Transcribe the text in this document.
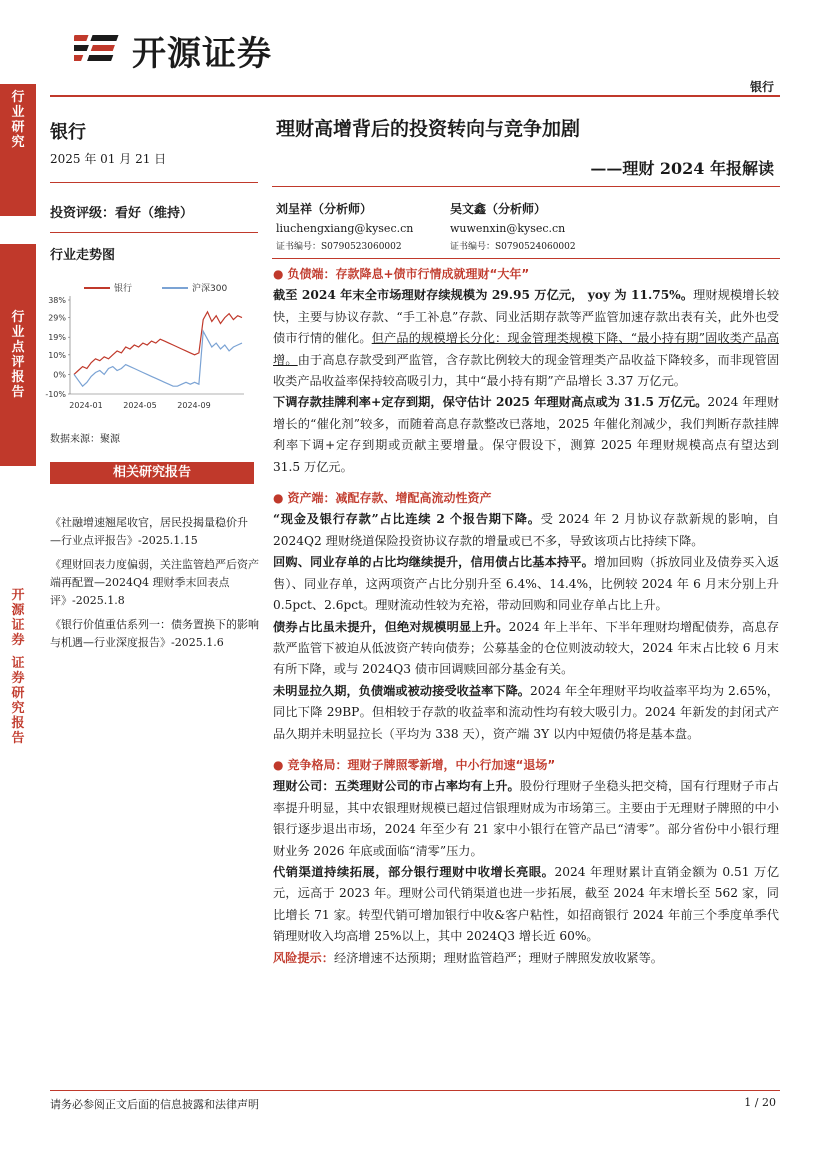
行
业
研
究
行
业
点
评
报
告
开
源
证
券
证
券
研
究
报
告
开源证券
银行
银行
2025 年 01 月 21 日
投资评级：看好（维持）
行业走势图
银行	沪深300
38%
29%
19%
10%
0%
-10%
2024-01	2024-05	2024-09
数据来源：聚源
相关研究报告
《社融增速翘尾收官，居民投揭量稳价升 —行业点评报告》-2025.1.15
《理财回表力度偏弱，关注监管趋严后资产端再配置—2024Q4 理财季末回表点评》-2025.1.8
《银行价值重估系列一：债务置换下的影响与机遇—行业深度报告》-2025.1.6
理财高增背后的投资转向与竞争加剧
——理财 2024 年报解读
刘呈祥（分析师）
liuchengxiang@kysec.cn
证书编号：S0790523060002
吴文鑫（分析师）
wuwenxin@kysec.cn
证书编号：S0790524060002
● 负债端：存款降息+债市行情成就理财“大年”

截至 2024 年末全市场理财存续规模为 29.95 万亿元， yoy 为 11.75%。理财规模增长较快，主要与协议存款、“手工补息”存款、同业活期存款等严监管加速存款出表有关，此外也受债市行情的催化。但产品的规模增长分化：现金管理类规模下降、“最小持有期”固收类产品高增。由于高息存款受到严监管，含存款比例较大的现金管理类产品收益下降较多，而非现管固收类产品收益率保持较高吸引力，其中“最小持有期”产品增长 3.37 万亿元。

下调存款挂牌利率+定存到期，保守估计 2025 年理财高点或为 31.5 万亿元。2024 年理财增长的“催化剂”较多，而随着高息存款整改已落地，2025 年催化剂减少，我们判断存款挂牌利率下调+定存到期或贡献主要增量。保守假设下，测算 2025 年理财规模高点有望达到 31.5 万亿元。

● 资产端：减配存款、增配高流动性资产

“现金及银行存款”占比连续 2 个报告期下降。受 2024 年 2 月协议存款新规的影响，自 2024Q2 理财绕道保险投资协议存款的增量或已不多，导致该项占比持续下降。

回购、同业存单的占比均继续提升，信用债占比基本持平。增加回购（拆放同业及债券买入返售）、同业存单，这两项资产占比分别升至 6.4%、14.4%，比例较 2024 年 6 月末分别上升 0.5pct、2.6pct。理财流动性较为充裕，带动回购和同业存单占比上升。

债券占比虽未提升，但绝对规模明显上升。2024 年上半年、下半年理财均增配债券，高息存款严监管下被迫从低波资产转向债券；公募基金的仓位则波动较大，2024 年末占比较 6 月末有所下降，或与 2024Q3 债市回调赎回部分基金有关。

未明显拉久期，负债端或被动接受收益率下降。2024 年全年理财平均收益率平均为 2.65%，同比下降 29BP。但相较于存款的收益率和流动性均有较大吸引力。2024 年新发的封闭式产品久期并未明显拉长（平均为 338 天），资产端 3Y 以内中短债仍将是基本盘。

● 竞争格局：理财子牌照零新增，中小行加速“退场”

理财公司：五类理财公司的市占率均有上升。股份行理财子坐稳头把交椅，国有行理财子市占率提升明显，其中农银理财规模已超过信银理财成为市场第三。主要由于无理财子牌照的中小银行逐步退出市场，2024 年至少有 21 家中小银行在管产品已“清零”。部分省份中小银行理财业务 2026 年底或面临“清零”压力。

代销渠道持续拓展，部分银行理财中收增长亮眼。2024 年理财累计直销金额为 0.51 万亿元，远高于 2023 年。理财公司代销渠道也进一步拓展，截至 2024 年末增长至 562 家，同比增长 71 家。转型代销可增加银行中收&客户粘性，如招商银行 2024 年前三个季度单季代销理财收入均高增 25%以上，其中 2024Q3 增长近 60%。

风险提示：经济增速不达预期；理财监管趋严；理财子牌照发放收紧等。

请务必参阅正文后面的信息披露和法律声明	1 / 20
